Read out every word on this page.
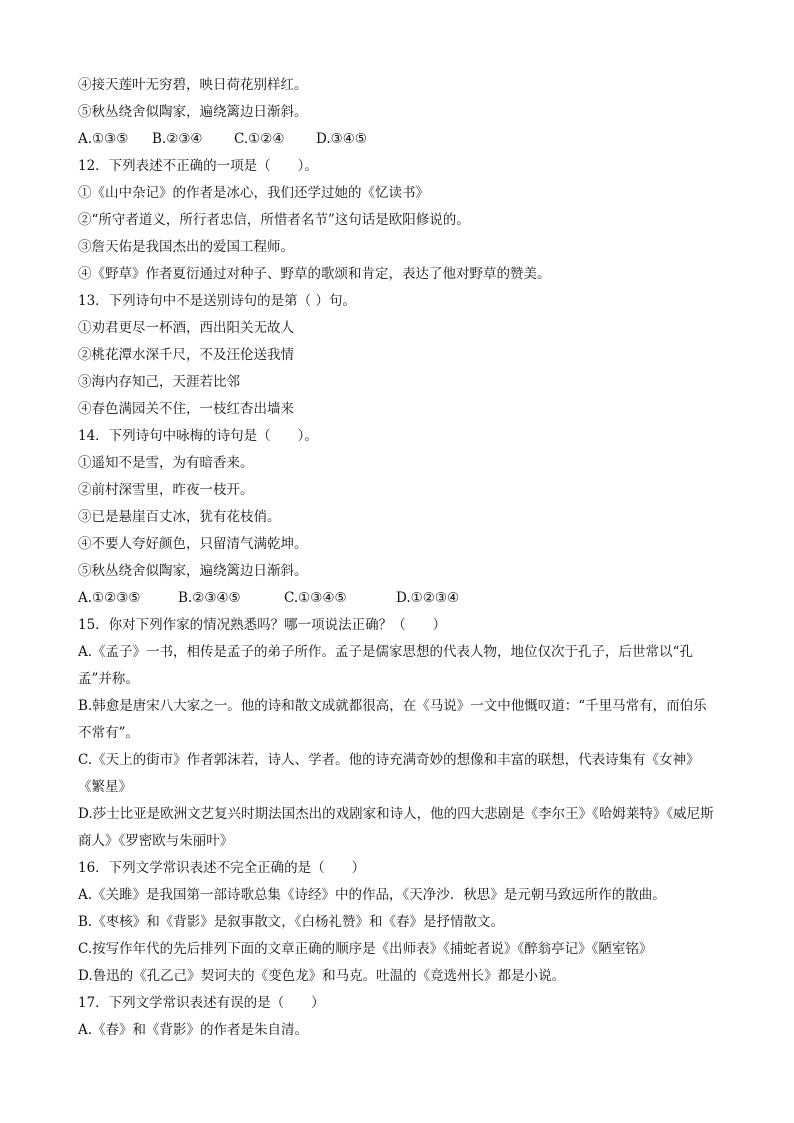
④接天莲叶无穷碧，映日荷花别样红。
⑤秋丛绕舍似陶家，遍绕篱边日渐斜。
A.①③⑤	B.②③④	C.①②④	D.③④⑤
12．下列表述不正确的一项是（　　）。
①《山中杂记》的作者是冰心，我们还学过她的《忆读书》
②“所守者道义，所行者忠信，所惜者名节”这句话是欧阳修说的。
③詹天佑是我国杰出的爱国工程师。
④《野草》作者夏衍通过对种子、野草的歌颂和肯定，表达了他对野草的赞美。
13．下列诗句中不是送别诗句的是第（ ）句。
①劝君更尽一杯酒，西出阳关无故人
②桃花潭水深千尺，不及汪伦送我情
③海内存知己，天涯若比邻
④春色满园关不住，一枝红杏出墙来
14．下列诗句中咏梅的诗句是（　　）。
①遥知不是雪，为有暗香来。
②前村深雪里，昨夜一枝开。
③已是悬崖百丈冰，犹有花枝俏。
④不要人夸好颜色，只留清气满乾坤。
⑤秋丛绕舍似陶家，遍绕篱边日渐斜。
A.①②③⑤	B.②③④⑤	C.①③④⑤	D.①②③④
15．你对下列作家的情况熟悉吗？哪一项说法正确？（　　）
A.《孟子》一书，相传是孟子的弟子所作。孟子是儒家思想的代表人物，地位仅次于孔子，后世常以“孔孟”并称。
B.韩愈是唐宋八大家之一。他的诗和散文成就都很高，在《马说》一文中他慨叹道：“千里马常有，而伯乐不常有”。
C.《天上的街市》作者郭沫若，诗人、学者。他的诗充满奇妙的想像和丰富的联想，代表诗集有《女神》《繁星》
D.莎士比亚是欧洲文艺复兴时期法国杰出的戏剧家和诗人，他的四大悲剧是《李尔王》《哈姆莱特》《威尼斯商人》《罗密欧与朱丽叶》
16．下列文学常识表述不完全正确的是（　　）
A.《关雎》是我国第一部诗歌总集《诗经》中的作品，《天净沙．秋思》是元朝马致远所作的散曲。
B.《枣核》和《背影》是叙事散文，《白杨礼赞》和《春》是抒情散文。
C.按写作年代的先后排列下面的文章正确的顺序是《出师表》《捕蛇者说》《醉翁亭记》《陋室铭》
D.鲁迅的《孔乙己》契诃夫的《变色龙》和马克。吐温的《竞选州长》都是小说。
17．下列文学常识表述有误的是（　　）
A.《春》和《背影》的作者是朱自清。
